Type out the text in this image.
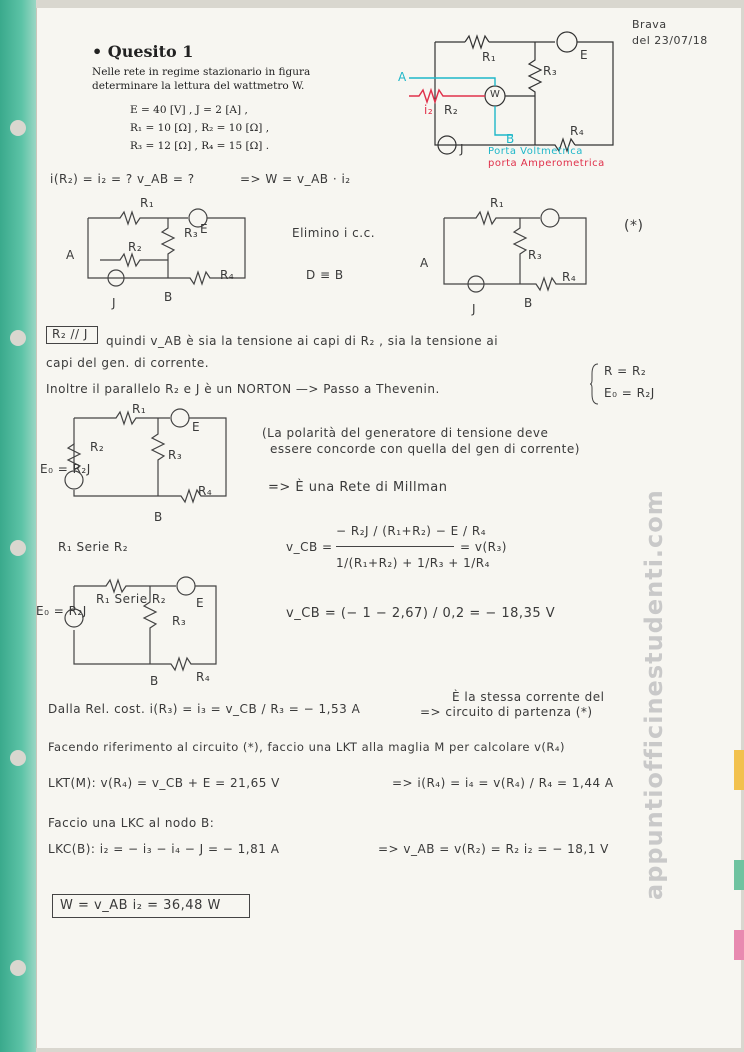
Brava
del 23/07/18
• Quesito 1
Nelle rete in regime stazionario in figura
determinare la lettura del wattmetro W.
E = 40 [V] , J = 2 [A] ,
R₁ = 10 [Ω] , R₂ = 10 [Ω] ,
R₃ = 12 [Ω] , R₄ = 15 [Ω] .
R₁
R₃
E
R₄
R₂
i₂
W
J
A
B
Porta Voltmetrica
porta Amperometrica
i(R₂) = i₂ = ? v_AB = ?	=> W = v_AB · i₂
R₁
R₃
R₂
R₄
E
A
B
J
Elimino i c.c.
D ≡ B
R₁
R₃
R₄
A
B
J
(*)
R₂ // J quindi v_AB è sia la tensione ai capi di R₂ , sia la tensione ai
capi del gen. di corrente.
Inoltre il parallelo R₂ e J è un NORTON —> Passo a Thevenin.
R = R₂
E₀ = R₂J
R₁
R₂
R₃
R₄
E
E₀ = R₂J
B
(La polarità del generatore di tensione deve
essere concorde con quella del gen di corrente)
=> È una Rete di Millman
R₁ Serie R₂
R₁ Serie R₂
E₀ = R₂J
R₃
E
R₄
B
v_CB =
− R₂J / (R₁+R₂) − E / R₄
1/(R₁+R₂) + 1/R₃ + 1/R₄
= v(R₃)
v_CB = (− 1 − 2,67) / 0,2 = − 18,35 V
Dalla Rel. cost. i(R₃) = i₃ = v_CB / R₃ = − 1,53 A
È la stessa corrente del
=> circuito di partenza (*)
Facendo riferimento al circuito (*), faccio una LKT alla maglia M per calcolare v(R₄)
LKT(M): v(R₄) = v_CB + E = 21,65 V	=> i(R₄) = i₄ = v(R₄) / R₄ = 1,44 A
Faccio una LKC al nodo B:
LKC(B): i₂ = − i₃ − i₄ − J = − 1,81 A	=> v_AB = v(R₂) = R₂ i₂ = − 18,1 V
W = v_AB i₂ = 36,48 W
